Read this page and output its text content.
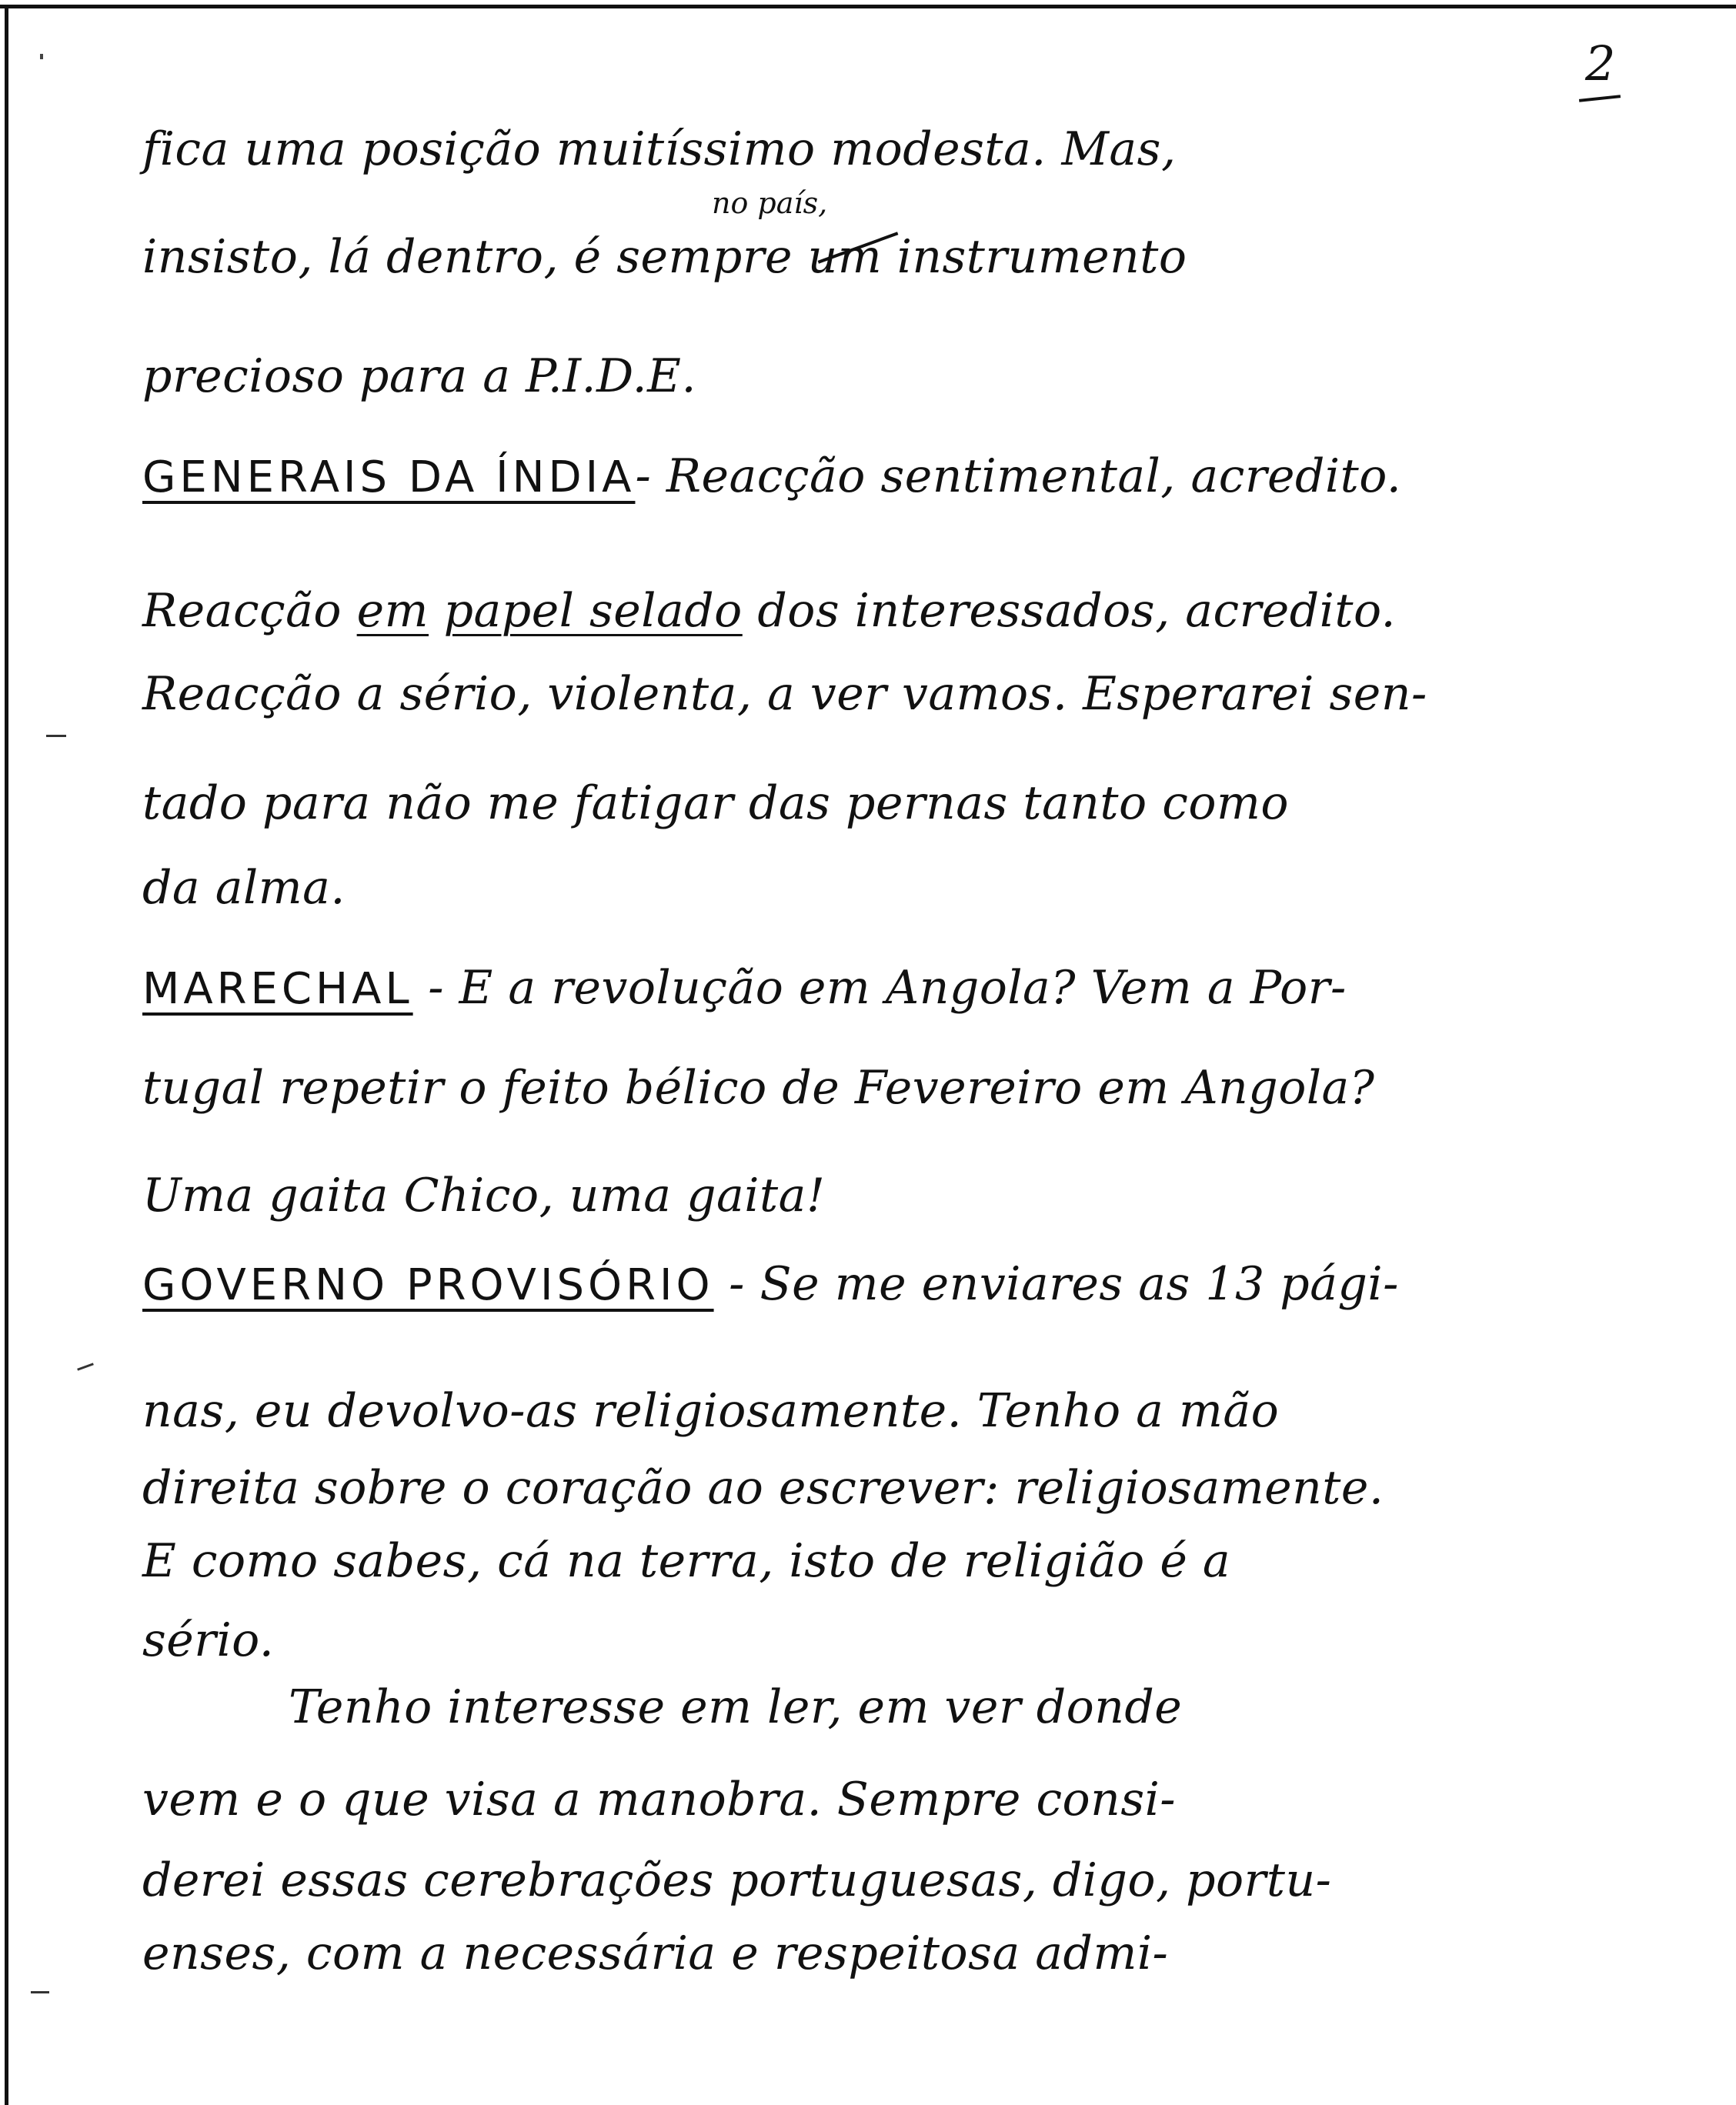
2
fica uma posição muitíssimo modesta. Mas,
no país,
insisto, lá dentro, é sempre um instrumento
precioso para a P.I.D.E.
GENERAIS DA ÍNDIA- Reacção sentimental, acredito.
Reacção em papel selado dos interessados, acredito.
Reacção a sério, violenta, a ver vamos. Esperarei sen-
tado para não me fatigar das pernas tanto como
da alma.
MARECHAL - E a revolução em Angola? Vem a Por-
tugal repetir o feito bélico de Fevereiro em Angola?
Uma gaita Chico, uma gaita!
GOVERNO PROVISÓRIO - Se me enviares as 13 pági-
nas, eu devolvo-as religiosamente. Tenho a mão
direita sobre o coração ao escrever: religiosamente.
E como sabes, cá na terra, isto de religião é a
sério.
Tenho interesse em ler, em ver donde
vem e o que visa a manobra. Sempre consi-
derei essas cerebrações portuguesas, digo, portu-
enses, com a necessária e respeitosa admi-
